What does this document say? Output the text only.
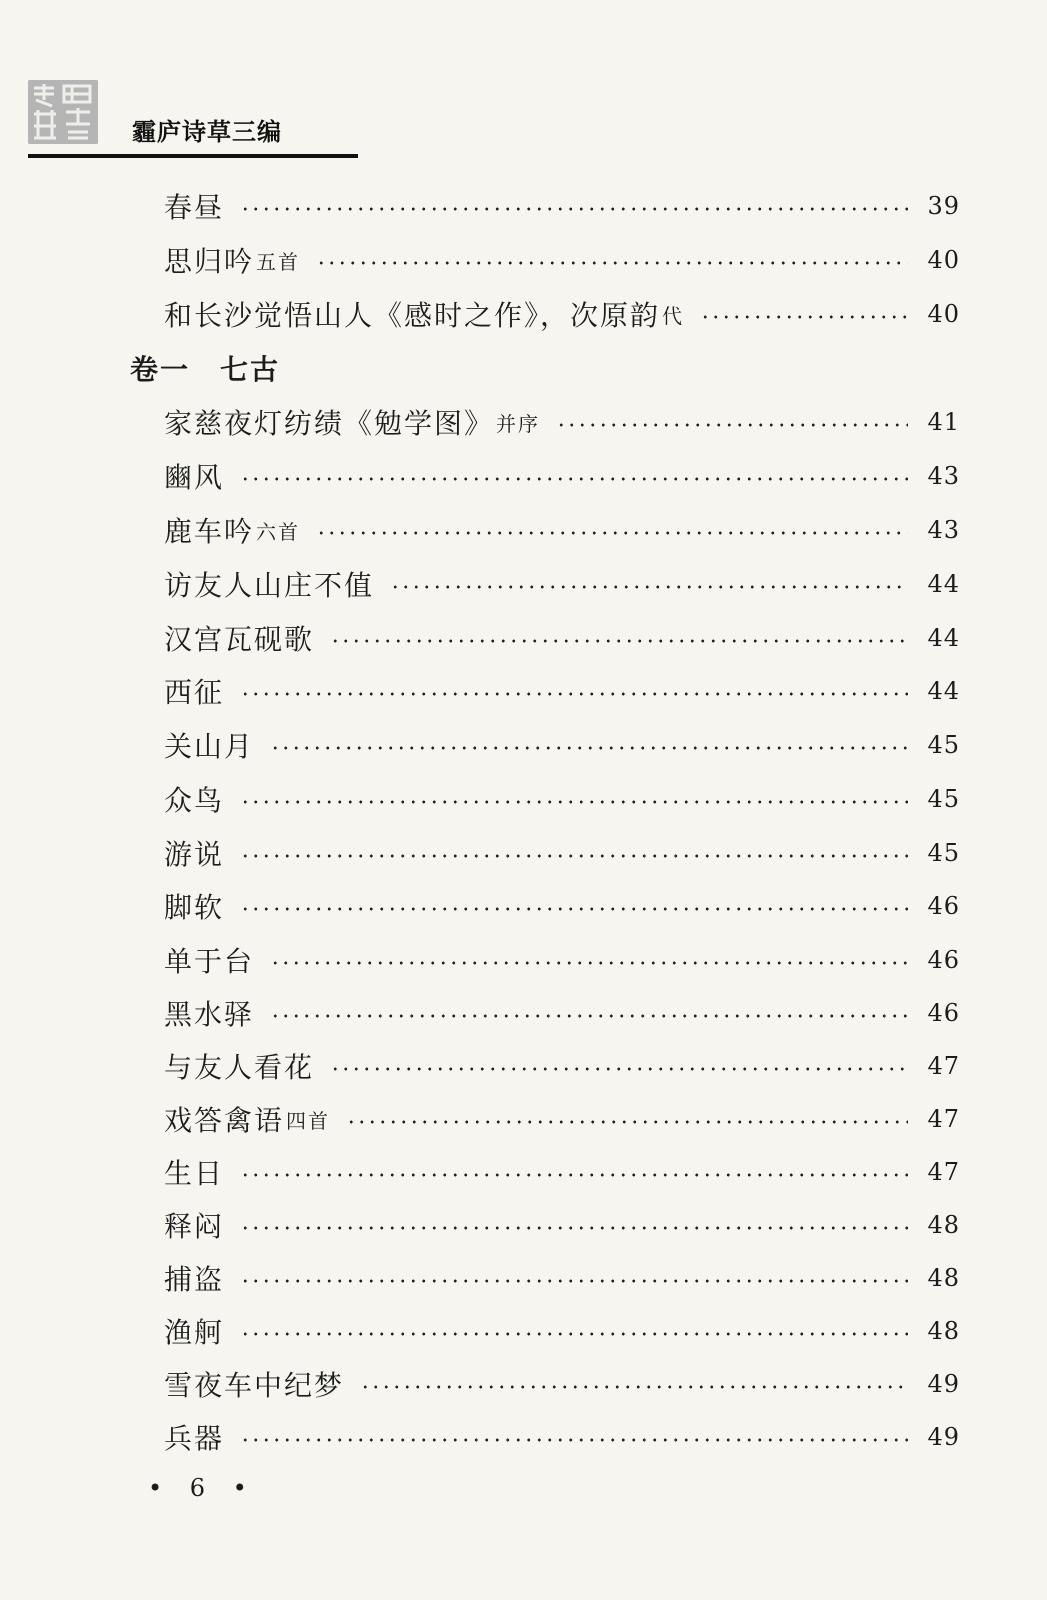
霾庐诗草三编
春昼	39
思归吟 五首	40
和长沙觉悟山人《感时之作》，次原韵 代	40
卷一 七古
家慈夜灯纺绩《勉学图》 并序	41
豳风	43
鹿车吟 六首	43
访友人山庄不值	44
汉宫瓦砚歌	44
西征	44
关山月	45
众鸟	45
游说	45
脚软	46
单于台	46
黑水驿	46
与友人看花	47
戏答禽语 四首	47
生日	47
释闷	48
捕盗	48
渔舸	48
雪夜车中纪梦	49
兵器	49
• 6 •
